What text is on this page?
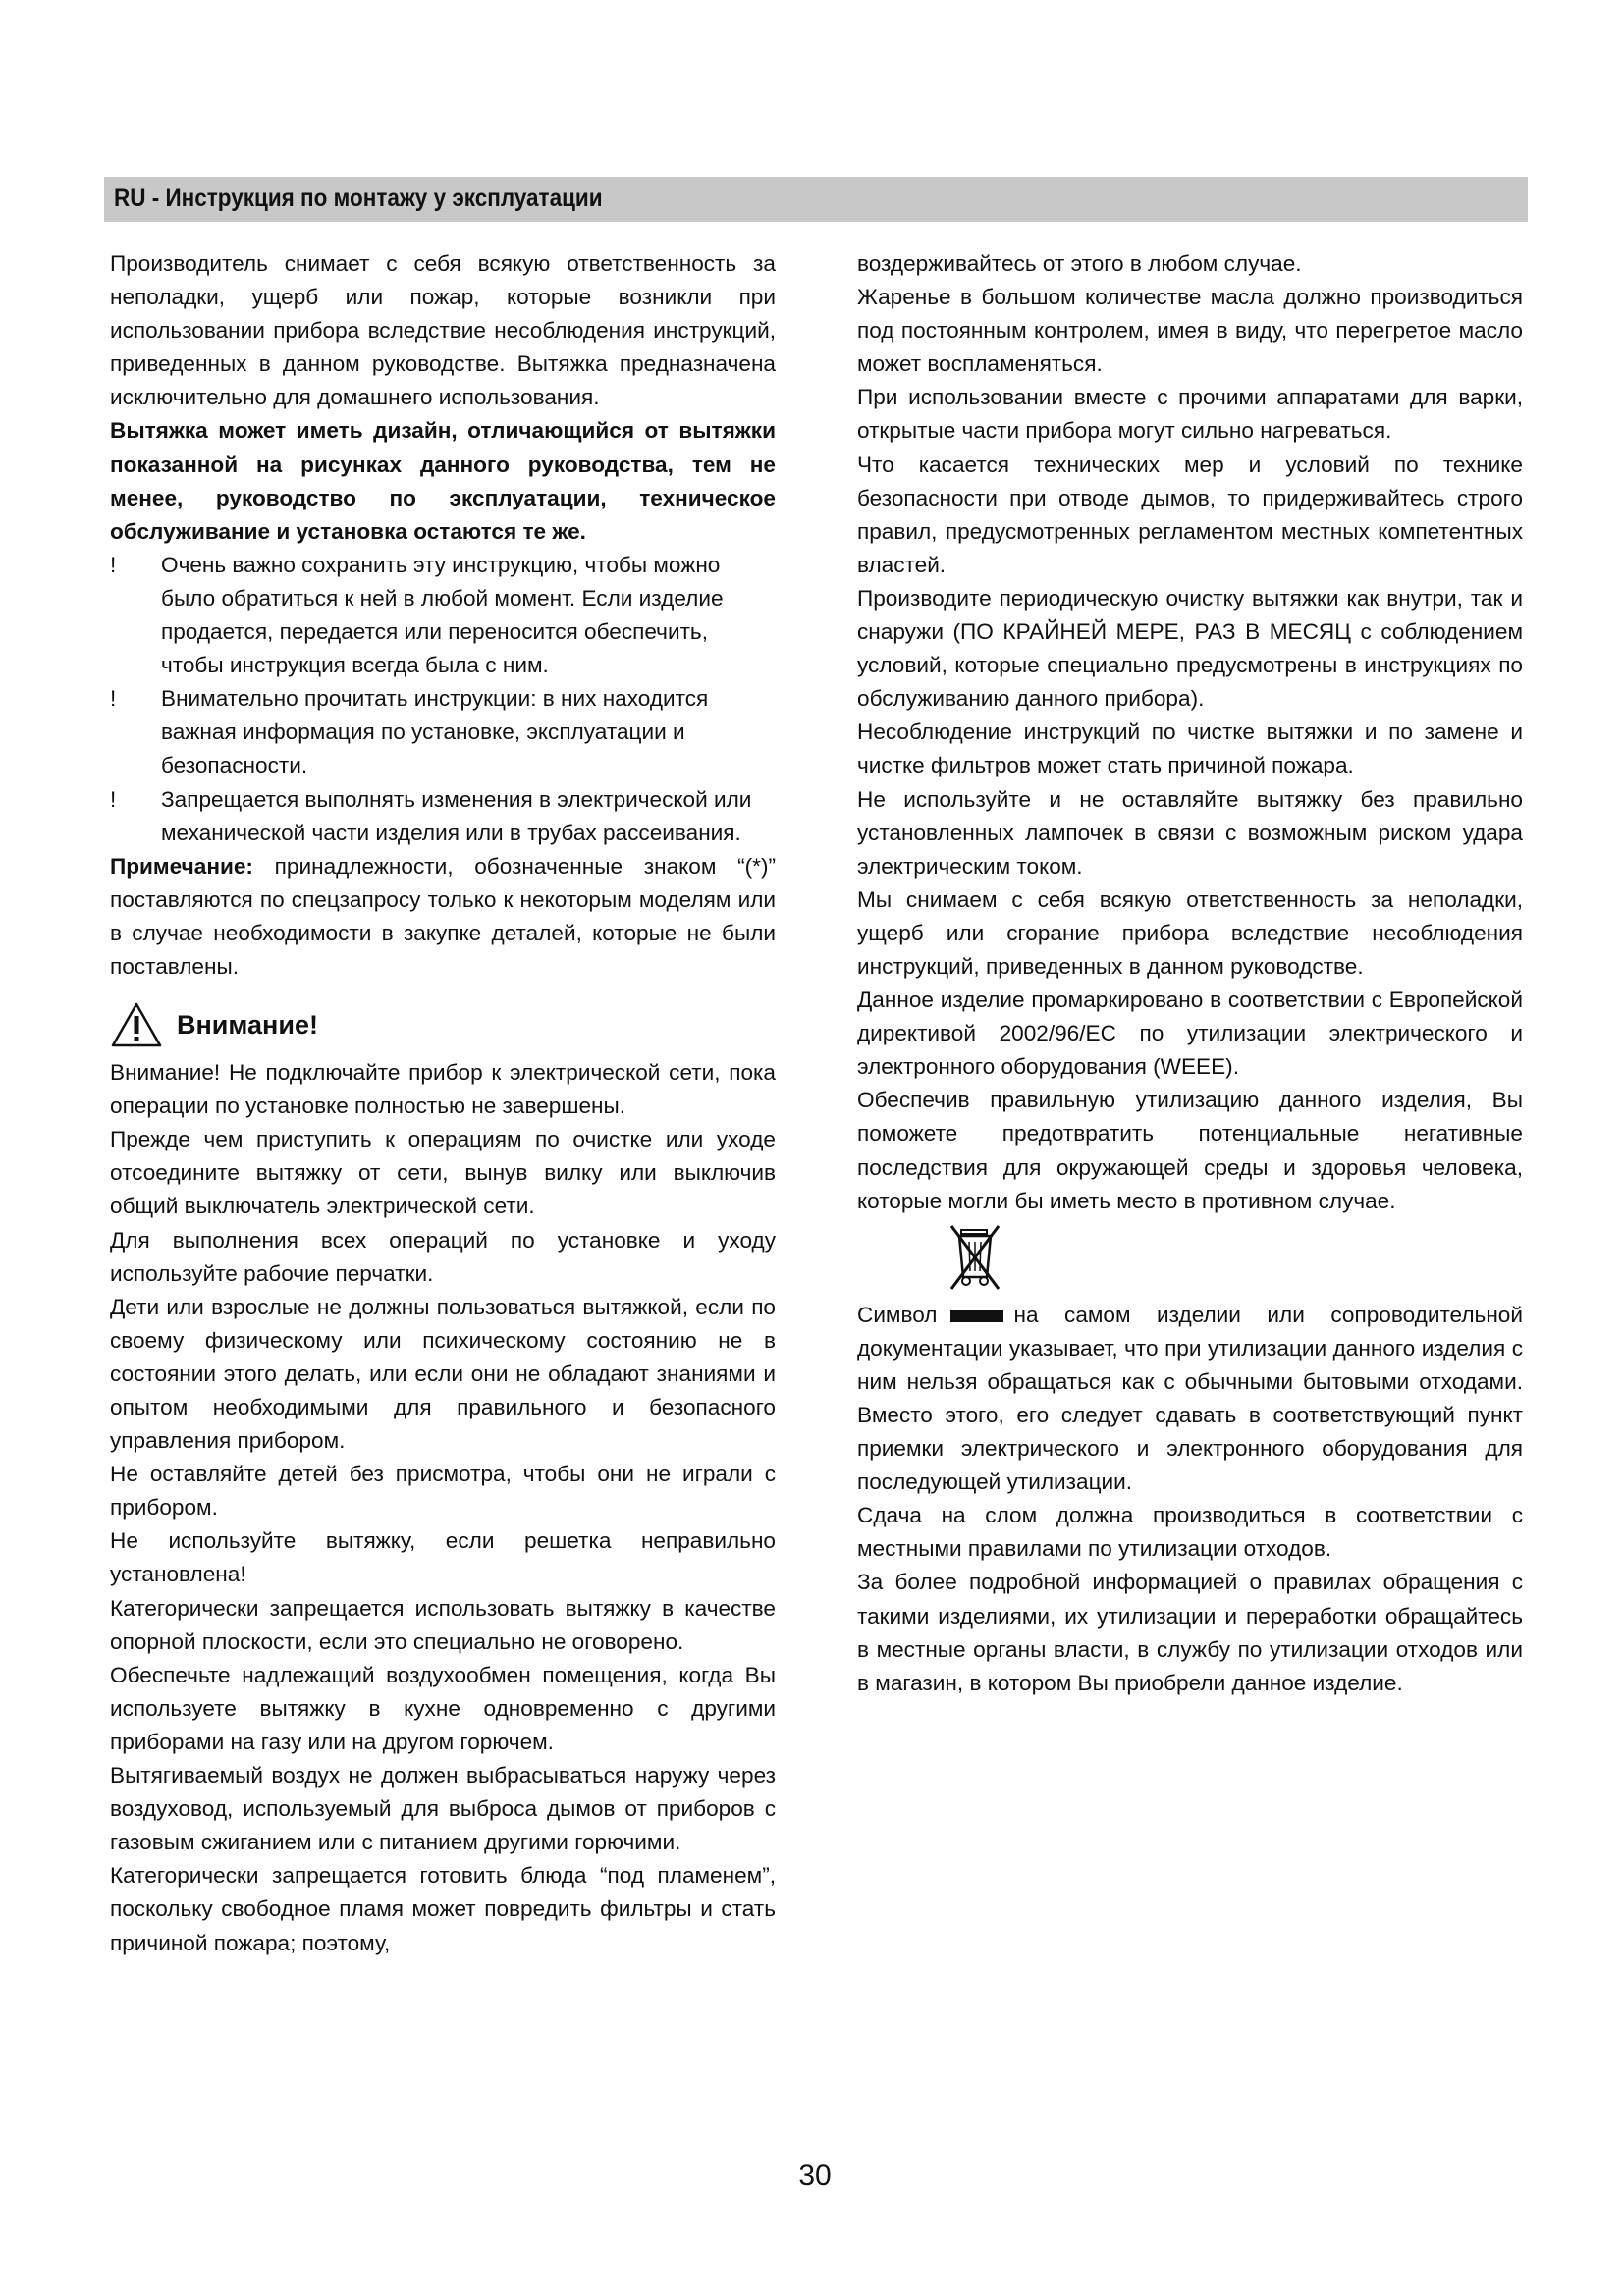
RU - Инструкция по монтажу у эксплуатации

Производитель снимает с себя всякую ответственность за неполадки, ущерб или пожар, которые возникли при использовании прибора вследствие несоблюдения инструкций, приведенных в данном руководстве. Вытяжка предназначена исключительно для домашнего использования.

Вытяжка может иметь дизайн, отличающийся от вытяжки показанной на рисунках данного руководства, тем не менее, руководство по эксплуатации, техническое обслуживание и установка остаются те же.

!	Очень важно сохранить эту инструкцию, чтобы можно было обратиться к ней в любой момент. Если изделие продается, передается или переносится обеспечить, чтобы инструкция всегда была с ним.
!	Внимательно прочитать инструкции: в них находится важная информация по установке, эксплуатации и безопасности.
!	Запрещается выполнять изменения в электрической или механической части изделия или в трубах рассеивания.

Примечание: принадлежности, обозначенные знаком “(*)” поставляются по спецзапросу только к некоторым моделям или в случае необходимости в закупке деталей, которые не были поставлены.

Внимание!

Внимание! Не подключайте прибор к электрической сети, пока операции по установке полностью не завершены.

Прежде чем приступить к операциям по очистке или уходе отсоедините вытяжку от сети, вынув вилку или выключив общий выключатель электрической сети.

Для выполнения всех операций по установке и уходу используйте рабочие перчатки.

Дети или взрослые не должны пользоваться вытяжкой, если по своему физическому или психическому состоянию не в состоянии этого делать, или если они не обладают знаниями и опытом необходимыми для правильного и безопасного управления прибором.

Не оставляйте детей без присмотра, чтобы они не играли с прибором.

Не используйте вытяжку, если решетка неправильно установлена!

Категорически запрещается использовать вытяжку в качестве опорной плоскости, если это специально не оговорено.

Обеспечьте надлежащий воздухообмен помещения, когда Вы используете вытяжку в кухне одновременно с другими приборами на газу или на другом горючем.

Вытягиваемый воздух не должен выбрасываться наружу через воздуховод, используемый для выброса дымов от приборов с газовым сжиганием или с питанием другими горючими.

Категорически запрещается готовить блюда “под пламенем”, поскольку свободное пламя может повредить фильтры и стать причиной пожара; поэтому,

воздерживайтесь от этого в любом случае.

Жаренье в большом количестве масла должно производиться под постоянным контролем, имея в виду, что перегретое масло может воспламеняться.

При использовании вместе с прочими аппаратами для варки, открытые части прибора могут сильно нагреваться.

Что касается технических мер и условий по технике безопасности при отводе дымов, то придерживайтесь строго правил, предусмотренных регламентом местных компетентных властей.

Производите периодическую очистку вытяжки как внутри, так и снаружи (ПО КРАЙНЕЙ МЕРЕ, РАЗ В МЕСЯЦ с соблюдением условий, которые специально предусмотрены в инструкциях по обслуживанию данного прибора).

Несоблюдение инструкций по чистке вытяжки и по замене и чистке фильтров может стать причиной пожара.

Не используйте и не оставляйте вытяжку без правильно установленных лампочек в связи с возможным риском удара электрическим током.

Мы снимаем с себя всякую ответственность за неполадки, ущерб или сгорание прибора вследствие несоблюдения инструкций, приведенных в данном руководстве.

Данное изделие промаркировано в соответствии с Европейской директивой 2002/96/EC по утилизации электрического и электронного оборудования (WEEE).

Обеспечив правильную утилизацию данного изделия, Вы поможете предотвратить потенциальные негативные последствия для окружающей среды и здоровья человека, которые могли бы иметь место в противном случае.

Символ	на самом изделии или сопроводительной документации указывает, что при утилизации данного изделия с ним нельзя обращаться как с обычными бытовыми отходами. Вместо этого, его следует сдавать в соответствующий пункт приемки электрического и электронного оборудования для последующей утилизации.

Сдача на слом должна производиться в соответствии с местными правилами по утилизации отходов.

За более подробной информацией о правилах обращения с такими изделиями, их утилизации и переработки обращайтесь в местные органы власти, в службу по утилизации отходов или в магазин, в котором Вы приобрели данное изделие.

30
